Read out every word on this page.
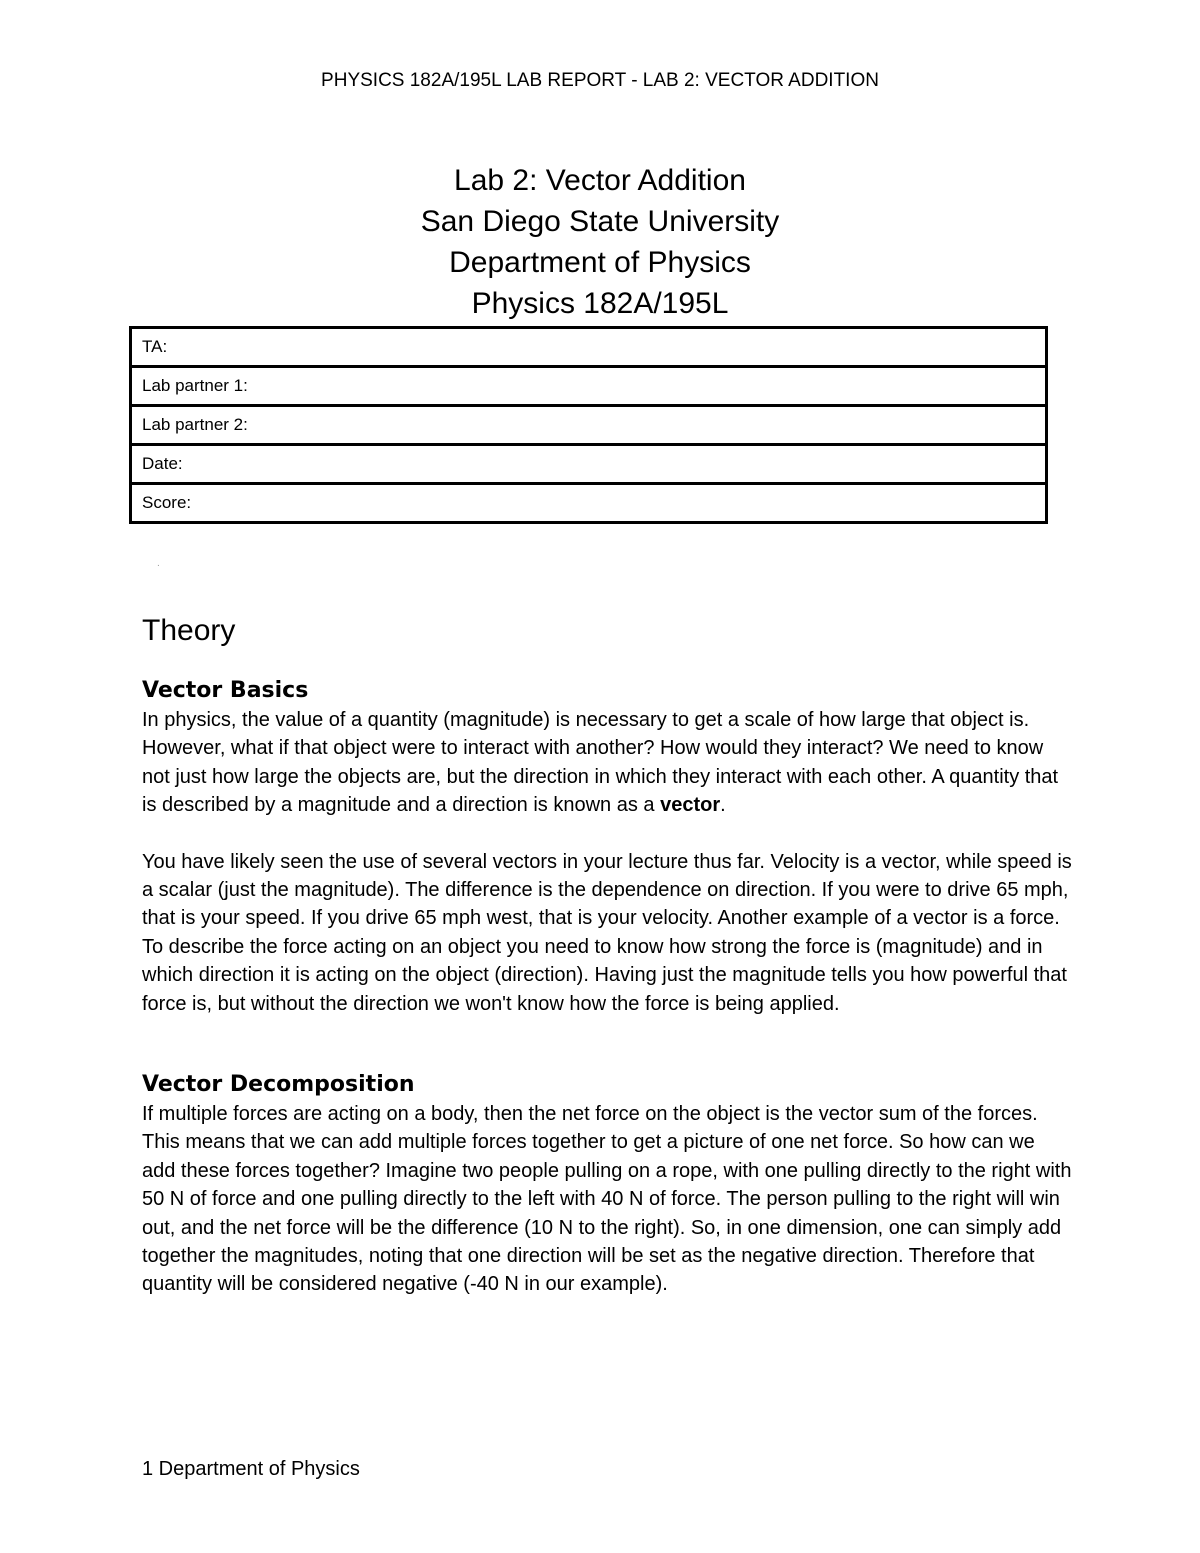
PHYSICS 182A/195L LAB REPORT - LAB 2: VECTOR ADDITION
Lab 2: Vector Addition
San Diego State University
Department of Physics
Physics 182A/195L
TA:
Lab partner 1:
Lab partner 2:
Date:
Score:
.
Theory
Vector Basics

In physics, the value of a quantity (magnitude) is necessary to get a scale of how large that object is. However, what if that object were to interact with another? How would they interact? We need to know not just how large the objects are, but the direction in which they interact with each other. A quantity that is described by a magnitude and a direction is known as a vector.

You have likely seen the use of several vectors in your lecture thus far. Velocity is a vector, while speed is a scalar (just the magnitude). The difference is the dependence on direction. If you were to drive 65 mph, that is your speed. If you drive 65 mph west, that is your velocity. Another example of a vector is a force. To describe the force acting on an object you need to know how strong the force is (magnitude) and in which direction it is acting on the object (direction). Having just the magnitude tells you how powerful that force is, but without the direction we won't know how the force is being applied.

Vector Decomposition

If multiple forces are acting on a body, then the net force on the object is the vector sum of the forces. This means that we can add multiple forces together to get a picture of one net force. So how can we add these forces together? Imagine two people pulling on a rope, with one pulling directly to the right with 50 N of force and one pulling directly to the left with 40 N of force. The person pulling to the right will win out, and the net force will be the difference (10 N to the right). So, in one dimension, one can simply add together the magnitudes, noting that one direction will be set as the negative direction. Therefore that quantity will be considered negative (-40 N in our example).

1 Department of Physics
